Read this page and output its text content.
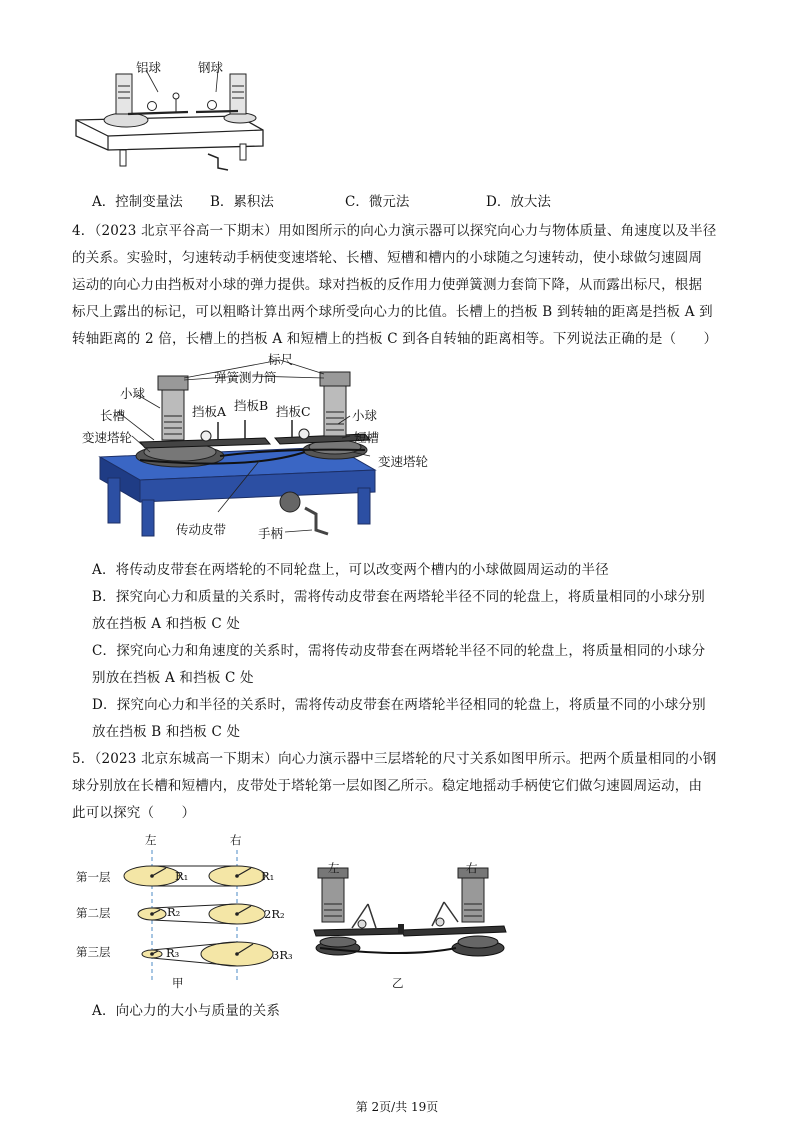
铝球	钢球
A．控制变量法 B．累积法	C．微元法	D．放大法
4．（2023 北京平谷高一下期末）用如图所示的向心力演示器可以探究向心力与物体质量、角速度以及半径
的关系。实验时，匀速转动手柄使变速塔轮、长槽、短槽和槽内的小球随之匀速转动，使小球做匀速圆周
运动的向心力由挡板对小球的弹力提供。球对挡板的反作用力使弹簧测力套筒下降，从而露出标尺，根据
标尺上露出的标记，可以粗略计算出两个球所受向心力的比值。长槽上的挡板 B 到转轴的距离是挡板 A 到
转轴距离的 2 倍，长槽上的挡板 A 和短槽上的挡板 C 到各自转轴的距离相等。下列说法正确的是（　　）
标尺
弹簧测力筒
小球
长槽
变速塔轮
挡板A 挡板B 挡板C	小球
短槽
变速塔轮
传动皮带	手柄
A．将传动皮带套在两塔轮的不同轮盘上，可以改变两个槽内的小球做圆周运动的半径
B．探究向心力和质量的关系时，需将传动皮带套在两塔轮半径不同的轮盘上，将质量相同的小球分别
放在挡板 A 和挡板 C 处
C．探究向心力和角速度的关系时，需将传动皮带套在两塔轮半径不同的轮盘上，将质量相同的小球分
别放在挡板 A 和挡板 C 处
D．探究向心力和半径的关系时，需将传动皮带套在两塔轮半径相同的轮盘上，将质量不同的小球分别
放在挡板 B 和挡板 C 处
5．（2023 北京东城高一下期末）向心力演示器中三层塔轮的尺寸关系如图甲所示。把两个质量相同的小钢
球分别放在长槽和短槽内，皮带处于塔轮第一层如图乙所示。稳定地摇动手柄使它们做匀速圆周运动，由
此可以探究（　　）
左	右
第一层
第二层
第三层
R₁	R₁
R₂	2R₂
R₃	3R₃
甲
左	右
乙
A．向心力的大小与质量的关系
第 2页/共 19页
